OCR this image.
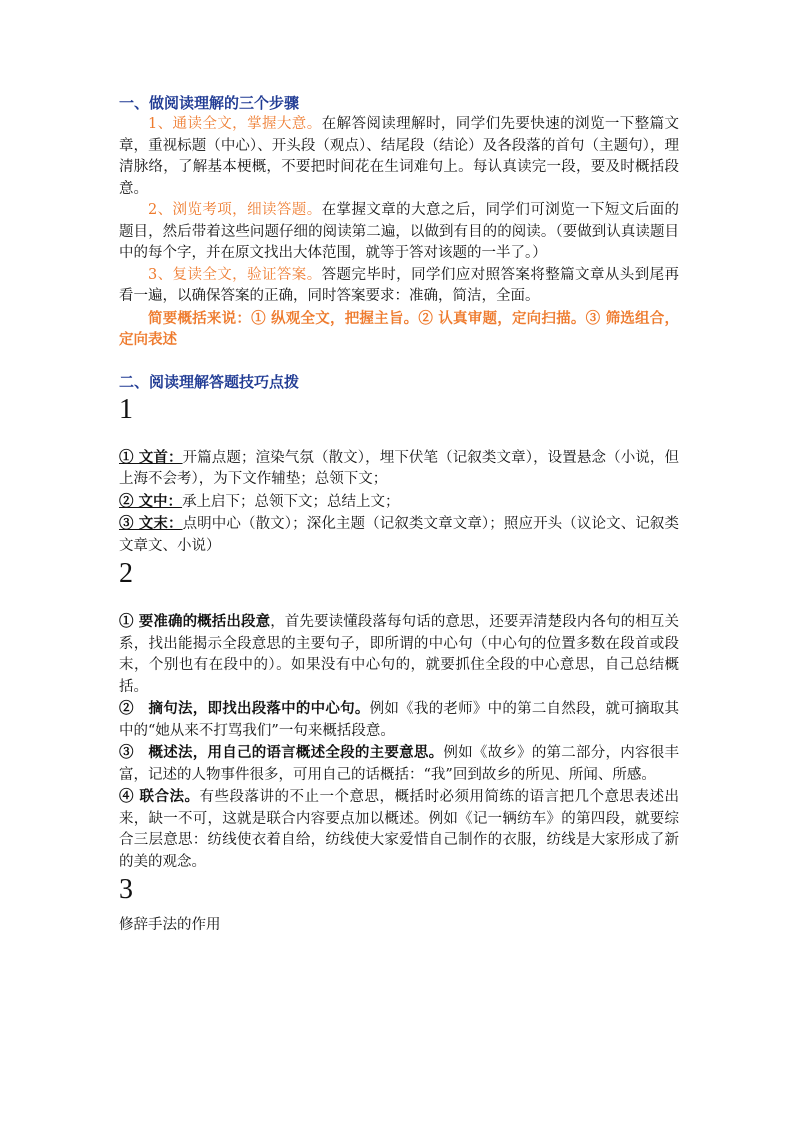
一、做阅读理解的三个步骤

1、通读全文，掌握大意。在解答阅读理解时，同学们先要快速的浏览一下整篇文章，重视标题（中心）、开头段（观点）、结尾段（结论）及各段落的首句（主题句），理清脉络，了解基本梗概，不要把时间花在生词难句上。每认真读完一段，要及时概括段意。

2、浏览考项，细读答题。在掌握文章的大意之后，同学们可浏览一下短文后面的题目，然后带着这些问题仔细的阅读第二遍，以做到有目的的阅读。（要做到认真读题目中的每个字，并在原文找出大体范围，就等于答对该题的一半了。）

3、复读全文，验证答案。答题完毕时，同学们应对照答案将整篇文章从头到尾再看一遍，以确保答案的正确，同时答案要求：准确，简洁，全面。

简要概括来说：① 纵观全文，把握主旨。② 认真审题，定向扫描。③ 筛选组合，定向表述

二、阅读理解答题技巧点拨

1

① 文首：开篇点题；渲染气氛（散文），埋下伏笔（记叙类文章），设置悬念（小说，但上海不会考），为下文作辅垫；总领下文；

② 文中：承上启下；总领下文；总结上文；

③ 文末：点明中心（散文）；深化主题（记叙类文章文章）；照应开头（议论文、记叙类文章文、小说）

2

① 要准确的概括出段意，首先要读懂段落每句话的意思，还要弄清楚段内各句的相互关系，找出能揭示全段意思的主要句子，即所谓的中心句（中心句的位置多数在段首或段末，个别也有在段中的）。如果没有中心句的，就要抓住全段的中心意思，自己总结概括。

②　摘句法，即找出段落中的中心句。例如《我的老师》中的第二自然段，就可摘取其中的“她从来不打骂我们”一句来概括段意。

③　概述法，用自己的语言概述全段的主要意思。例如《故乡》的第二部分，内容很丰富，记述的人物事件很多，可用自己的话概括：“我”回到故乡的所见、所闻、所感。

④ 联合法。有些段落讲的不止一个意思，概括时必须用简练的语言把几个意思表述出来，缺一不可，这就是联合内容要点加以概述。例如《记一辆纺车》的第四段，就要综合三层意思：纺线使衣着自给，纺线使大家爱惜自己制作的衣服，纺线是大家形成了新的美的观念。

3

修辞手法的作用
